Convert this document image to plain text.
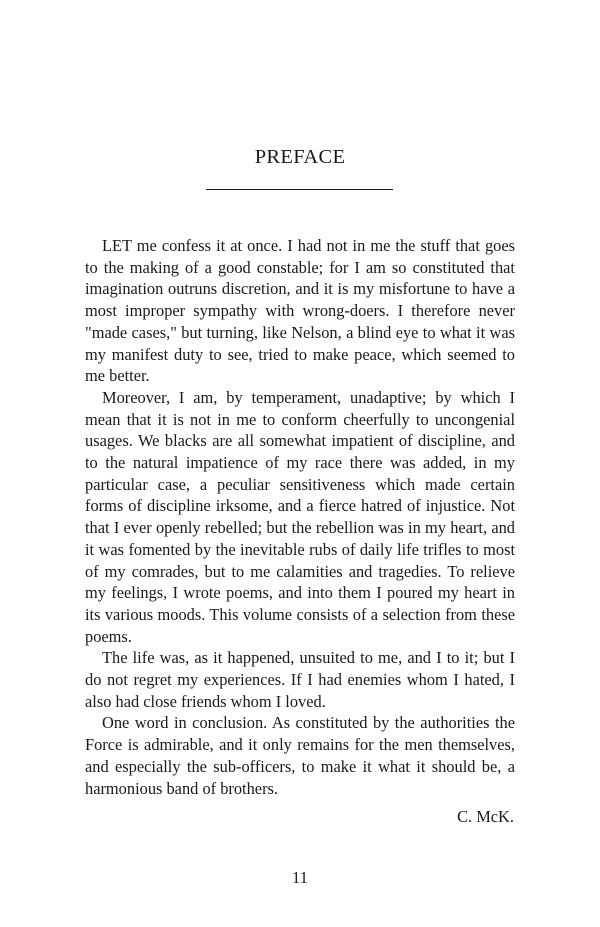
PREFACE

LET me confess it at once. I had not in me the stuff that goes to the making of a good constable; for I am so constituted that imagination outruns discretion, and it is my misfortune to have a most improper sympathy with wrong-doers. I therefore never "made cases," but turning, like Nelson, a blind eye to what it was my manifest duty to see, tried to make peace, which seemed to me better.

Moreover, I am, by temperament, unadaptive; by which I mean that it is not in me to conform cheerfully to uncongenial usages. We blacks are all somewhat impatient of discipline, and to the natural impatience of my race there was added, in my particular case, a peculiar sensitiveness which made certain forms of discipline irksome, and a fierce hatred of injustice. Not that I ever openly rebelled; but the rebellion was in my heart, and it was fomented by the inevitable rubs of daily life trifles to most of my comrades, but to me calamities and tragedies. To relieve my feelings, I wrote poems, and into them I poured my heart in its various moods. This volume consists of a selection from these poems.

The life was, as it happened, unsuited to me, and I to it; but I do not regret my experiences. If I had enemies whom I hated, I also had close friends whom I loved.

One word in conclusion. As constituted by the authorities the Force is admirable, and it only remains for the men themselves, and especially the sub-officers, to make it what it should be, a harmonious band of brothers.

C. McK.
11
